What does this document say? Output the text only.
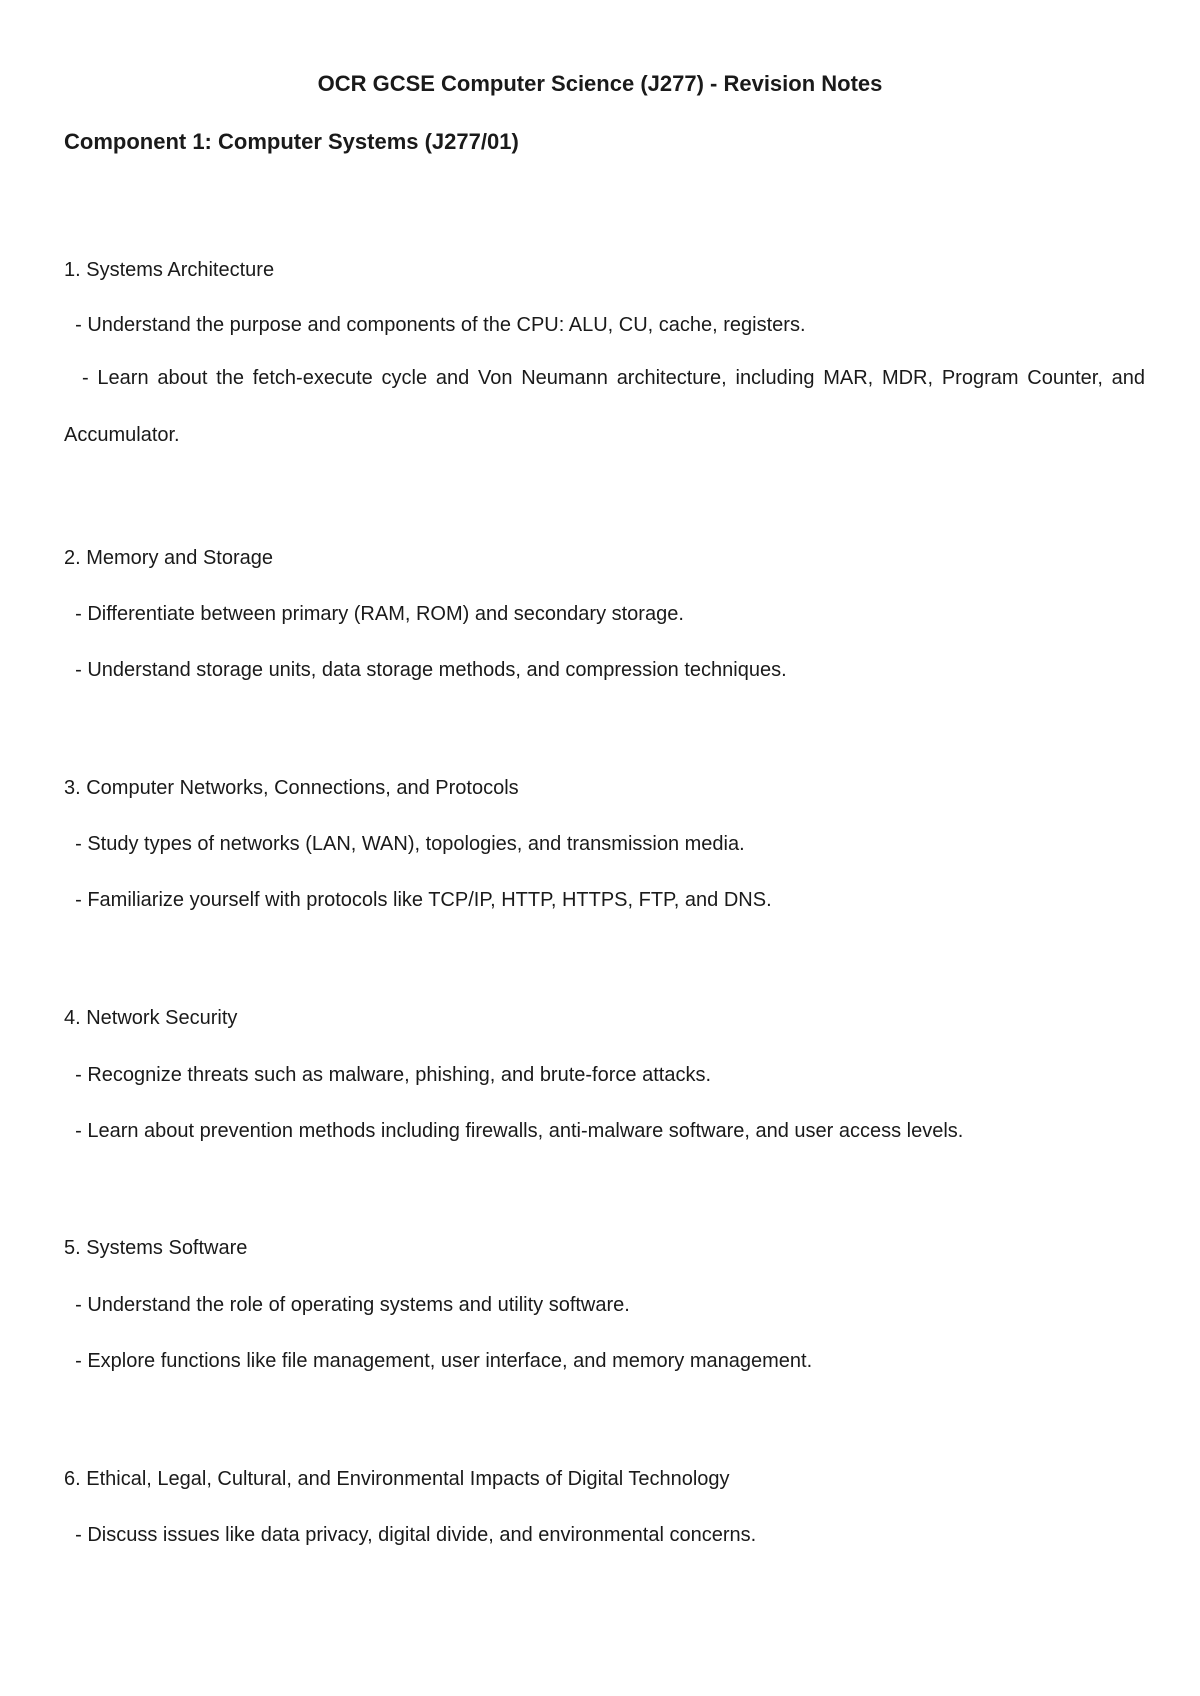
OCR GCSE Computer Science (J277) - Revision Notes
Component 1: Computer Systems (J277/01)

1. Systems Architecture

- Understand the purpose and components of the CPU: ALU, CU, cache, registers.

- Learn about the fetch-execute cycle and Von Neumann architecture, including MAR, MDR, Program Counter, and Accumulator.

2. Memory and Storage

- Differentiate between primary (RAM, ROM) and secondary storage.

- Understand storage units, data storage methods, and compression techniques.

3. Computer Networks, Connections, and Protocols

- Study types of networks (LAN, WAN), topologies, and transmission media.

- Familiarize yourself with protocols like TCP/IP, HTTP, HTTPS, FTP, and DNS.

4. Network Security

- Recognize threats such as malware, phishing, and brute-force attacks.

- Learn about prevention methods including firewalls, anti-malware software, and user access levels.

5. Systems Software

- Understand the role of operating systems and utility software.

- Explore functions like file management, user interface, and memory management.

6. Ethical, Legal, Cultural, and Environmental Impacts of Digital Technology

- Discuss issues like data privacy, digital divide, and environmental concerns.
